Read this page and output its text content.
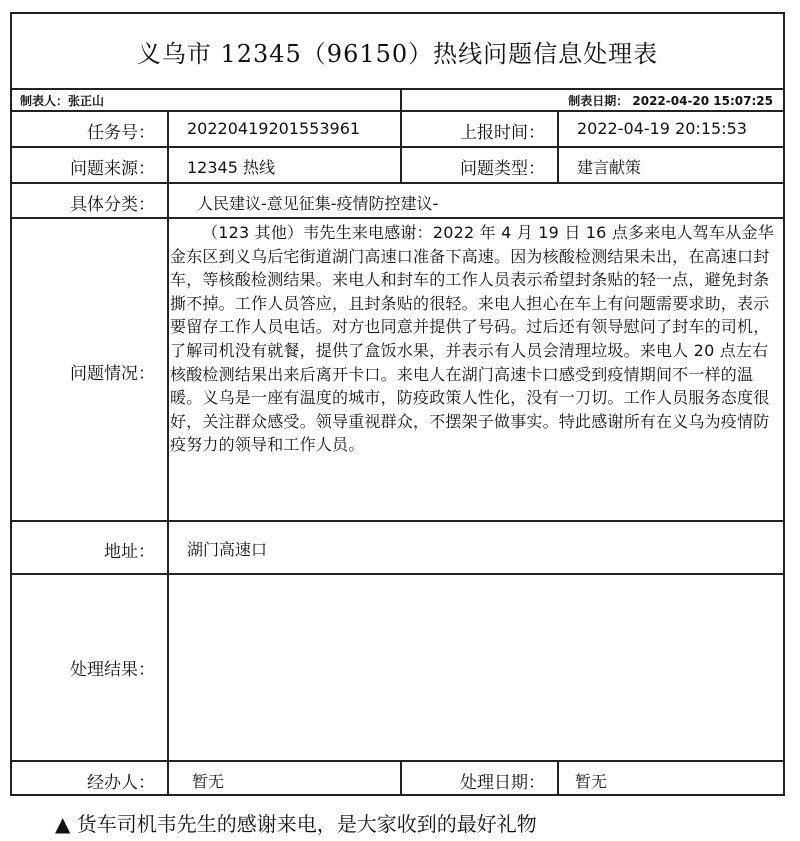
义乌市 12345（96150）热线问题信息处理表
制表人：张正山	制表日期： 2022-04-20 15:07:25
任务号： 20220419201553961	上报时间： 2022-04-19 20:15:53
问题来源： 12345 热线	问题类型： 建言献策
具体分类：	人民建议-意见征集-疫情防控建议-
问题情况：
（123 其他）韦先生来电感谢：2022 年 4 月 19 日 16 点多来电人驾车从金华金东区到义乌后宅街道湖门高速口准备下高速。因为核酸检测结果未出，在高速口封车，等核酸检测结果。来电人和封车的工作人员表示希望封条贴的轻一点，避免封条撕不掉。工作人员答应，且封条贴的很轻。来电人担心在车上有问题需要求助，表示要留存工作人员电话。对方也同意并提供了号码。过后还有领导慰问了封车的司机，了解司机没有就餐，提供了盒饭水果，并表示有人员会清理垃圾。来电人 20 点左右核酸检测结果出来后离开卡口。来电人在湖门高速卡口感受到疫情期间不一样的温暖。义乌是一座有温度的城市，防疫政策人性化，没有一刀切。工作人员服务态度很好，关注群众感受。领导重视群众，不摆架子做事实。特此感谢所有在义乌为疫情防疫努力的领导和工作人员。
地址： 湖门高速口
处理结果：
经办人： 暂无	处理日期： 暂无
▲ 货车司机韦先生的感谢来电，是大家收到的最好礼物
